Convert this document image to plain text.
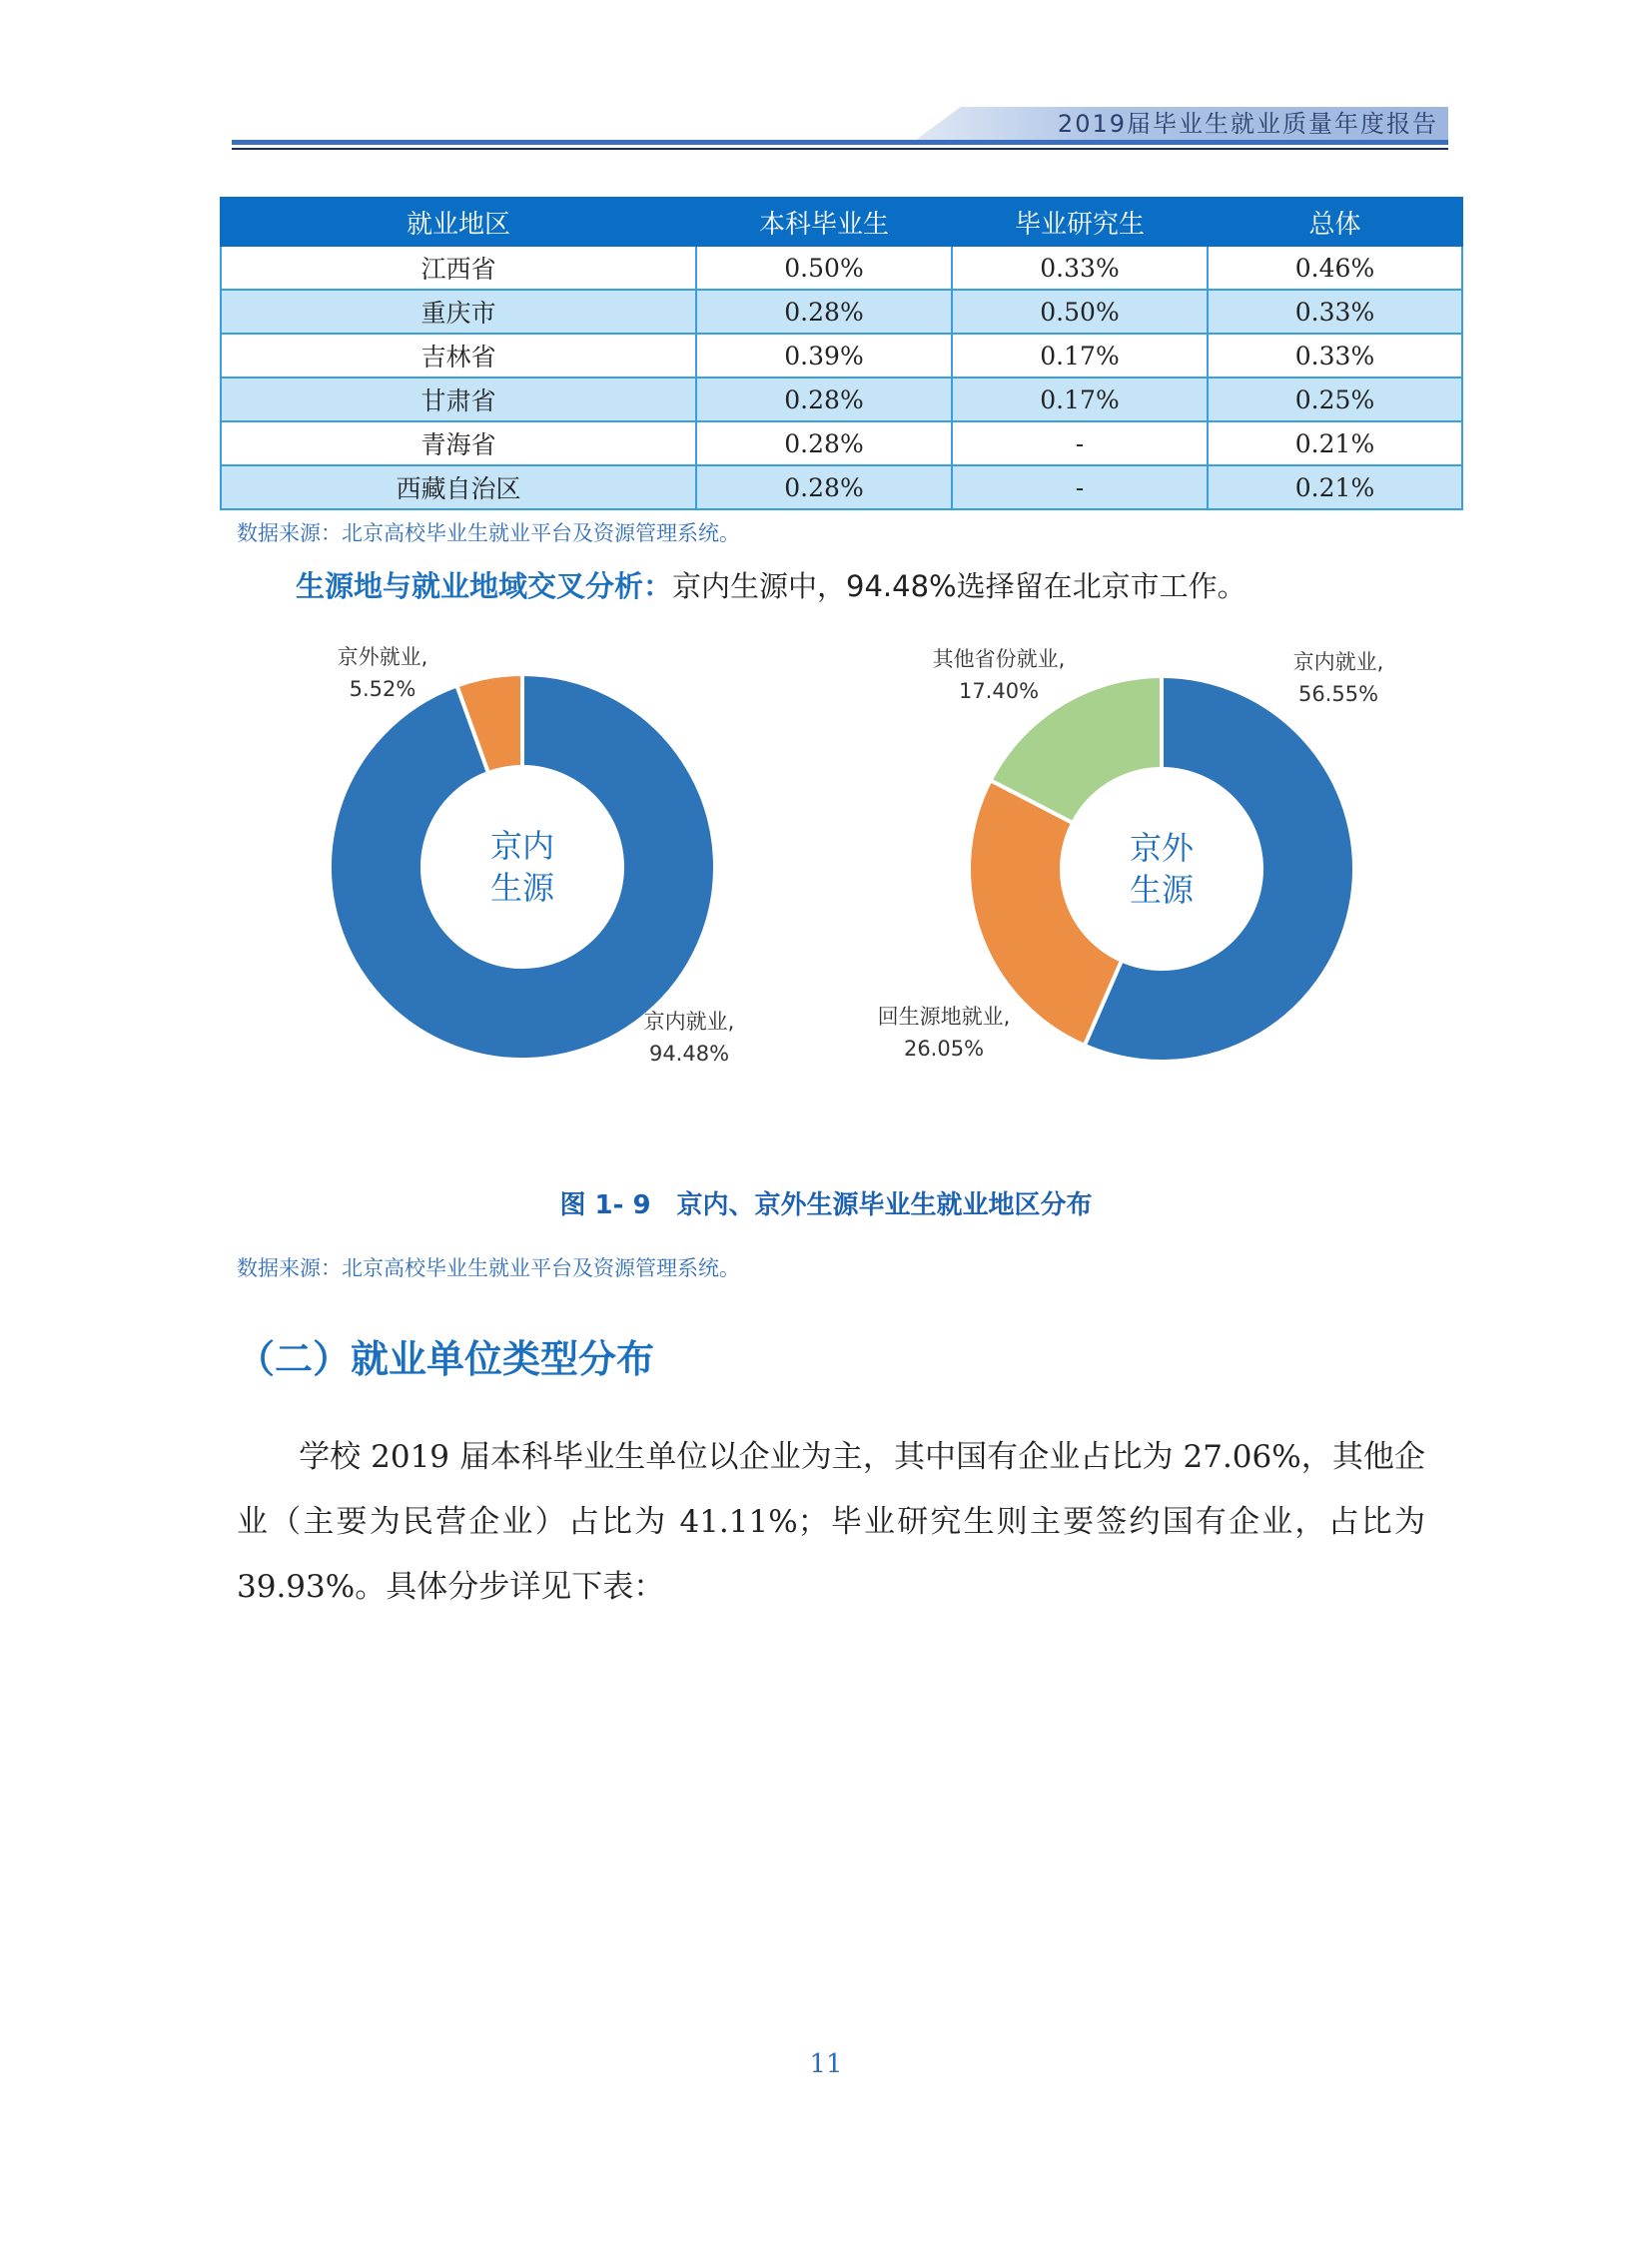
2019届毕业生就业质量年度报告
就业地区	本科毕业生	毕业研究生	总体
江西省	0.50%	0.33%	0.46%
重庆市	0.28%	0.50%	0.33%
吉林省	0.39%	0.17%	0.33%
甘肃省	0.28%	0.17%	0.25%
青海省	0.28%	-	0.21%
西藏自治区	0.28%	-	0.21%
数据来源：北京高校毕业生就业平台及资源管理系统。
生源地与就业地域交叉分析：京内生源中，94.48%选择留在北京市工作。
京内
生源
京内就业,
94.48%
京外就业,
5.52%
京外
生源
京内就业,
56.55%
回生源地就业,
26.05%
其他省份就业,
17.40%
图 1- 9　京内、京外生源毕业生就业地区分布
数据来源：北京高校毕业生就业平台及资源管理系统。
（二）就业单位类型分布
学校 2019 届本科毕业生单位以企业为主，其中国有企业占比为 27.06%，其他企业（主要为民营企业）占比为 41.11%；毕业研究生则主要签约国有企业，占比为 39.93%。具体分步详见下表：
11
